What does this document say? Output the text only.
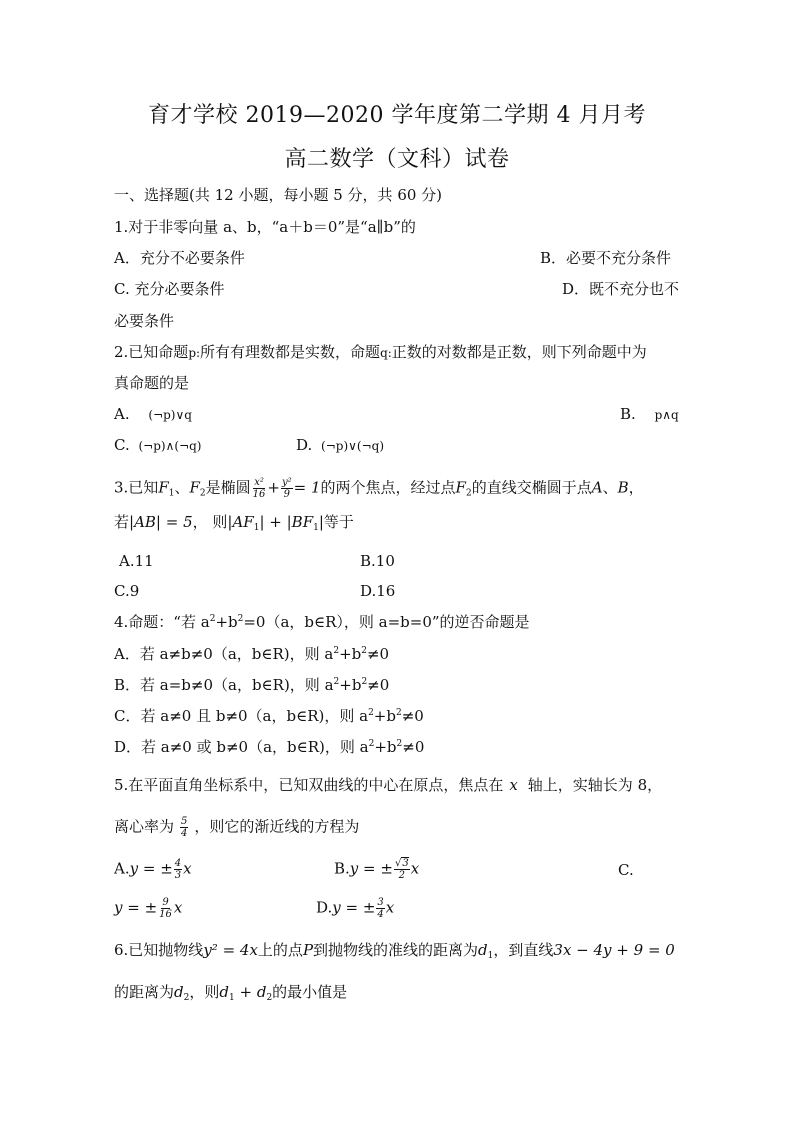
育才学校 2019—2020 学年度第二学期 4 月月考
高二数学（文科）试卷
一、选择题(共 12 小题，每小题 5 分，共 60 分)
1.对于非零向量 a、b，“a＋b＝0”是“a∥b”的
A．充分不必要条件	B．必要不充分条件
C. 充分必要条件	D．既不充分也不
必要条件
2.已知命题p:所有有理数都是实数，命题q:正数的对数都是正数，则下列命题中为
真命题的是
A. (¬p)∨q	B. p∧q
C. (¬p)∧(¬q)	D. (¬p)∨(¬q)
3.已知$F_1$、$F_2$是椭圆 $\frac{\text{x²}}{16} + \frac{\text{y²}}{9} = 1$的两个焦点，经过点$F_2$的直线交椭圆于点A、B，
若|AB| = 5， 则$|AF_1| + |BF_1|$等于
A.11	B.10
C.9	D.16
4.命题：“若 $a^2+b^2=0(a$，b∈R），则 a=b=0”的逆否命题是
A．若 a≠b≠0（a，b∈R)，则 $a^2+b^2\ne 0$
B．若 a=b≠0（a，b∈R)，则 $a^2+b^2\ne 0$
C．若 a≠0 且 b≠0（a，b∈R)，则 $a^2+b^2\ne 0$
D．若 a≠0 或 b≠0（a，b∈R)，则 $a^2+b^2\ne 0$
5.在平面直角坐标系中，已知双曲线的中心在原点，焦点在 x 轴上，实轴长为 8，
离心率为 $\frac{5}{4}$ ，则它的渐近线的方程为
A.y = ± $\frac{4}{3}$ x	B.y = ± $\frac{√3}{2}$ x	C.
y = ± $\frac{9}{16}$ x	D.y = ± $\frac{3}{4}$ x
6.已知抛物线y² = 4x上的点P到抛物线的准线的距离为$d_1$，到直线3x − 4y + 9 = 0
的距离为$d_2$，则$d_1 + d_2$的最小值是
